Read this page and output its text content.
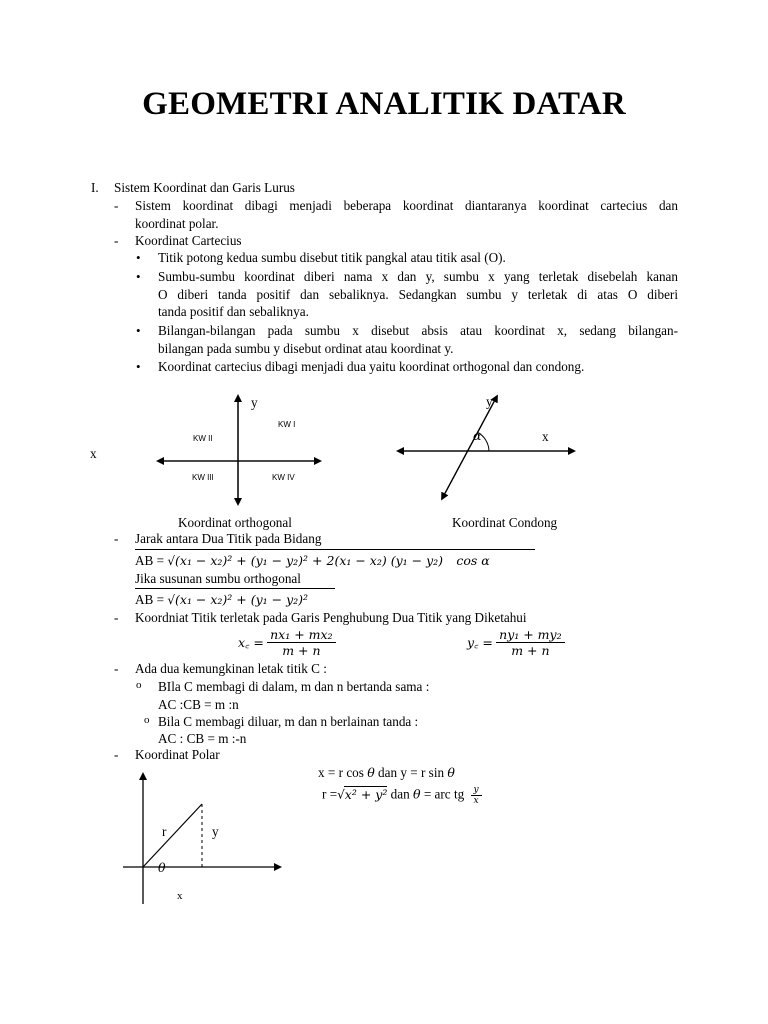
GEOMETRI ANALITIK DATAR
I. Sistem Koordinat dan Garis Lurus
- Sistem koordinat dibagi menjadi beberapa koordinat diantaranya koordinat cartecius dan
koordinat polar.
- Koordinat Cartecius
• Titik potong kedua sumbu disebut titik pangkal atau titik asal (O).
• Sumbu-sumbu koordinat diberi nama x dan y, sumbu x yang terletak disebelah kanan
O diberi tanda positif dan sebaliknya. Sedangkan sumbu y terletak di atas O diberi
tanda positif dan sebaliknya.
• Bilangan-bilangan pada sumbu x disebut absis atau koordinat x, sedang bilangan-
bilangan pada sumbu y disebut ordinat atau koordinat y.
• Koordinat cartecius dibagi menjadi dua yaitu koordinat orthogonal dan condong.
y
x
KW I
KW II
KW III	KW IV
Koordinat orthogonal
y
x
α
Koordinat Condong
- Jarak antara Dua Titik pada Bidang
AB = √(x₁ − x₂)² + (y₁ − y₂)² + 2(x₁ − x₂) (y₁ − y₂) cos α
Jika susunan sumbu orthogonal
AB = √(x₁ − x₂)² + (y₁ − y₂)²
- Koordniat Titik terletak pada Garis Penghubung Dua Titik yang Diketahui
x꜀ = $\frac{\text{nx₁ + mx₂}}{m + n}$	y꜀ = $\frac{\text{ny₁ + my₂}}{m + n}$
- Ada dua kemungkinan letak titik C :
o BIla C membagi di dalam, m dan n bertanda sama :
AC :CB = m :n
o Bila C membagi diluar, m dan n berlainan tanda :
AC : CB = m :-n
- Koordinat Polar
x = r cos θ dan y = r sin θ
r =√x² + y² dan θ = arc tg $\frac{y}{x}$
r	y
θ
x
